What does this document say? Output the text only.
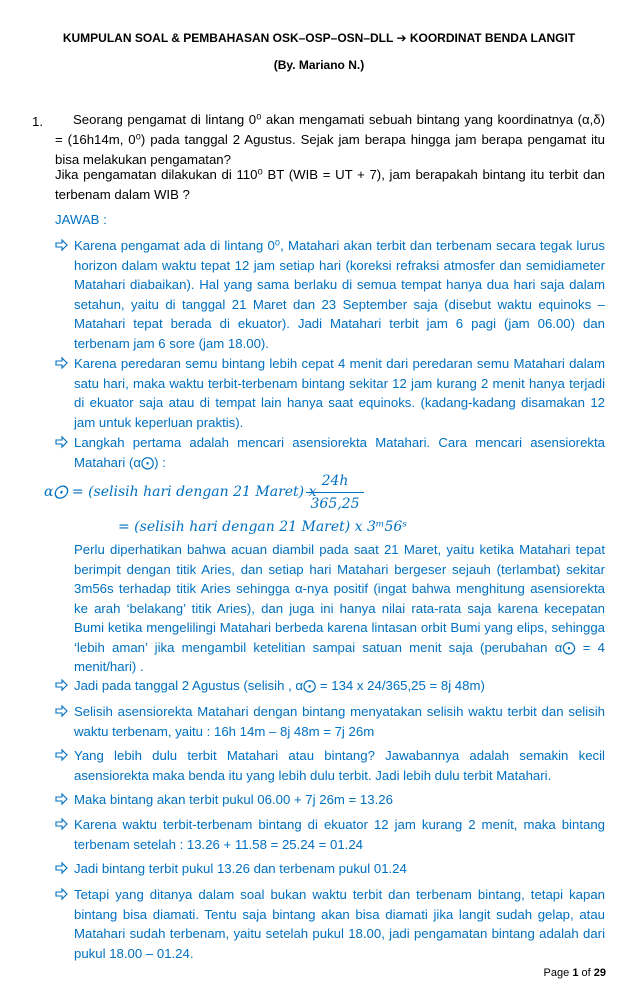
KUMPULAN SOAL & PEMBAHASAN OSK–OSP–OSN–DLL ➔ KOORDINAT BENDA LANGIT
(By. Mariano N.)
1.	Seorang pengamat di lintang 0⁰ akan mengamati sebuah bintang yang koordinatnya (α,δ) = (16h14m, 0⁰) pada tanggal 2 Agustus. Sejak jam berapa hingga jam berapa pengamat itu bisa melakukan pengamatan?
Jika pengamatan dilakukan di 110⁰ BT (WIB = UT + 7), jam berapakah bintang itu terbit dan terbenam dalam WIB ?
JAWAB :
Karena pengamat ada di lintang 0⁰, Matahari akan terbit dan terbenam secara tegak lurus horizon dalam waktu tepat 12 jam setiap hari (koreksi refraksi atmosfer dan semidiameter Matahari diabaikan). Hal yang sama berlaku di semua tempat hanya dua hari saja dalam setahun, yaitu di tanggal 21 Maret dan 23 September saja (disebut waktu equinoks – Matahari tepat berada di ekuator). Jadi Matahari terbit jam 6 pagi (jam 06.00) dan terbenam jam 6 sore (jam 18.00).
Karena peredaran semu bintang lebih cepat 4 menit dari peredaran semu Matahari dalam satu hari, maka waktu terbit-terbenam bintang sekitar 12 jam kurang 2 menit hanya terjadi di ekuator saja atau di tempat lain hanya saat equinoks. (kadang-kadang disamakan 12 jam untuk keperluan praktis).
Langkah pertama adalah mencari asensiorekta Matahari. Cara mencari asensiorekta Matahari (α⨀) :
α⨀ = (selisih hari dengan 21 Maret) x
24h
365,25
= (selisih hari dengan 21 Maret) x 3ᵐ56ˢ
Perlu diperhatikan bahwa acuan diambil pada saat 21 Maret, yaitu ketika Matahari tepat berimpit dengan titik Aries, dan setiap hari Matahari bergeser sejauh (terlambat) sekitar 3m56s terhadap titik Aries sehingga α-nya positif (ingat bahwa menghitung asensiorekta ke arah ‘belakang’ titik Aries), dan juga ini hanya nilai rata-rata saja karena kecepatan Bumi ketika mengelilingi Matahari berbeda karena lintasan orbit Bumi yang elips, sehingga ‘lebih aman’ jika mengambil ketelitian sampai satuan menit saja (perubahan α⨀ = 4 menit/hari) .
Jadi pada tanggal 2 Agustus (selisih , α⨀ = 134 x 24/365,25 = 8j 48m)
Selisih asensiorekta Matahari dengan bintang menyatakan selisih waktu terbit dan selisih waktu terbenam, yaitu : 16h 14m – 8j 48m = 7j 26m
Yang lebih dulu terbit Matahari atau bintang? Jawabannya adalah semakin kecil asensiorekta maka benda itu yang lebih dulu terbit. Jadi lebih dulu terbit Matahari.
Maka bintang akan terbit pukul 06.00 + 7j 26m = 13.26
Karena waktu terbit-terbenam bintang di ekuator 12 jam kurang 2 menit, maka bintang terbenam setelah : 13.26 + 11.58 = 25.24 = 01.24
Jadi bintang terbit pukul 13.26 dan terbenam pukul 01.24
Tetapi yang ditanya dalam soal bukan waktu terbit dan terbenam bintang, tetapi kapan bintang bisa diamati. Tentu saja bintang akan bisa diamati jika langit sudah gelap, atau Matahari sudah terbenam, yaitu setelah pukul 18.00, jadi pengamatan bintang adalah dari pukul 18.00 – 01.24.
Page 1 of 29
